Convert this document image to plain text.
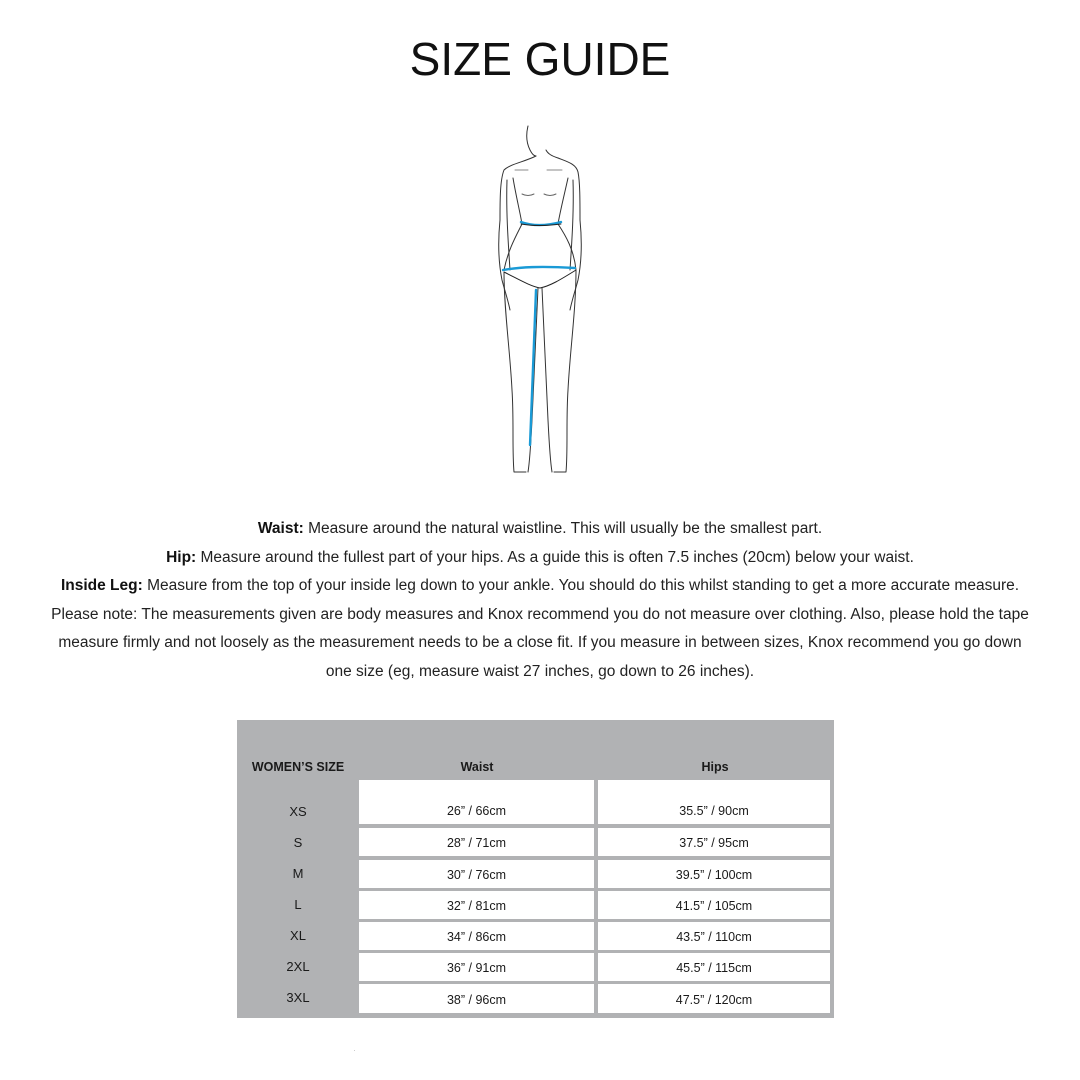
SIZE GUIDE
Waist: Measure around the natural waistline. This will usually be the smallest part.
Hip: Measure around the fullest part of your hips. As a guide this is often 7.5 inches (20cm) below your waist.
Inside Leg: Measure from the top of your inside leg down to your ankle. You should do this whilst standing to get a more accurate measure.
Please note: The measurements given are body measures and Knox recommend you do not measure over clothing. Also, please hold the tape
measure firmly and not loosely as the measurement needs to be a close fit. If you measure in between sizes, Knox recommend you go down
one size (eg, measure waist 27 inches, go down to 26 inches).
WOMEN’S SIZE	Waist	Hips
XS	26” / 66cm	35.5” / 90cm
S	28” / 71cm	37.5” / 95cm
M	30” / 76cm	39.5” / 100cm
L	32” / 81cm	41.5” / 105cm
XL	34” / 86cm	43.5” / 110cm
2XL	36” / 91cm	45.5” / 115cm
3XL	38” / 96cm	47.5” / 120cm
